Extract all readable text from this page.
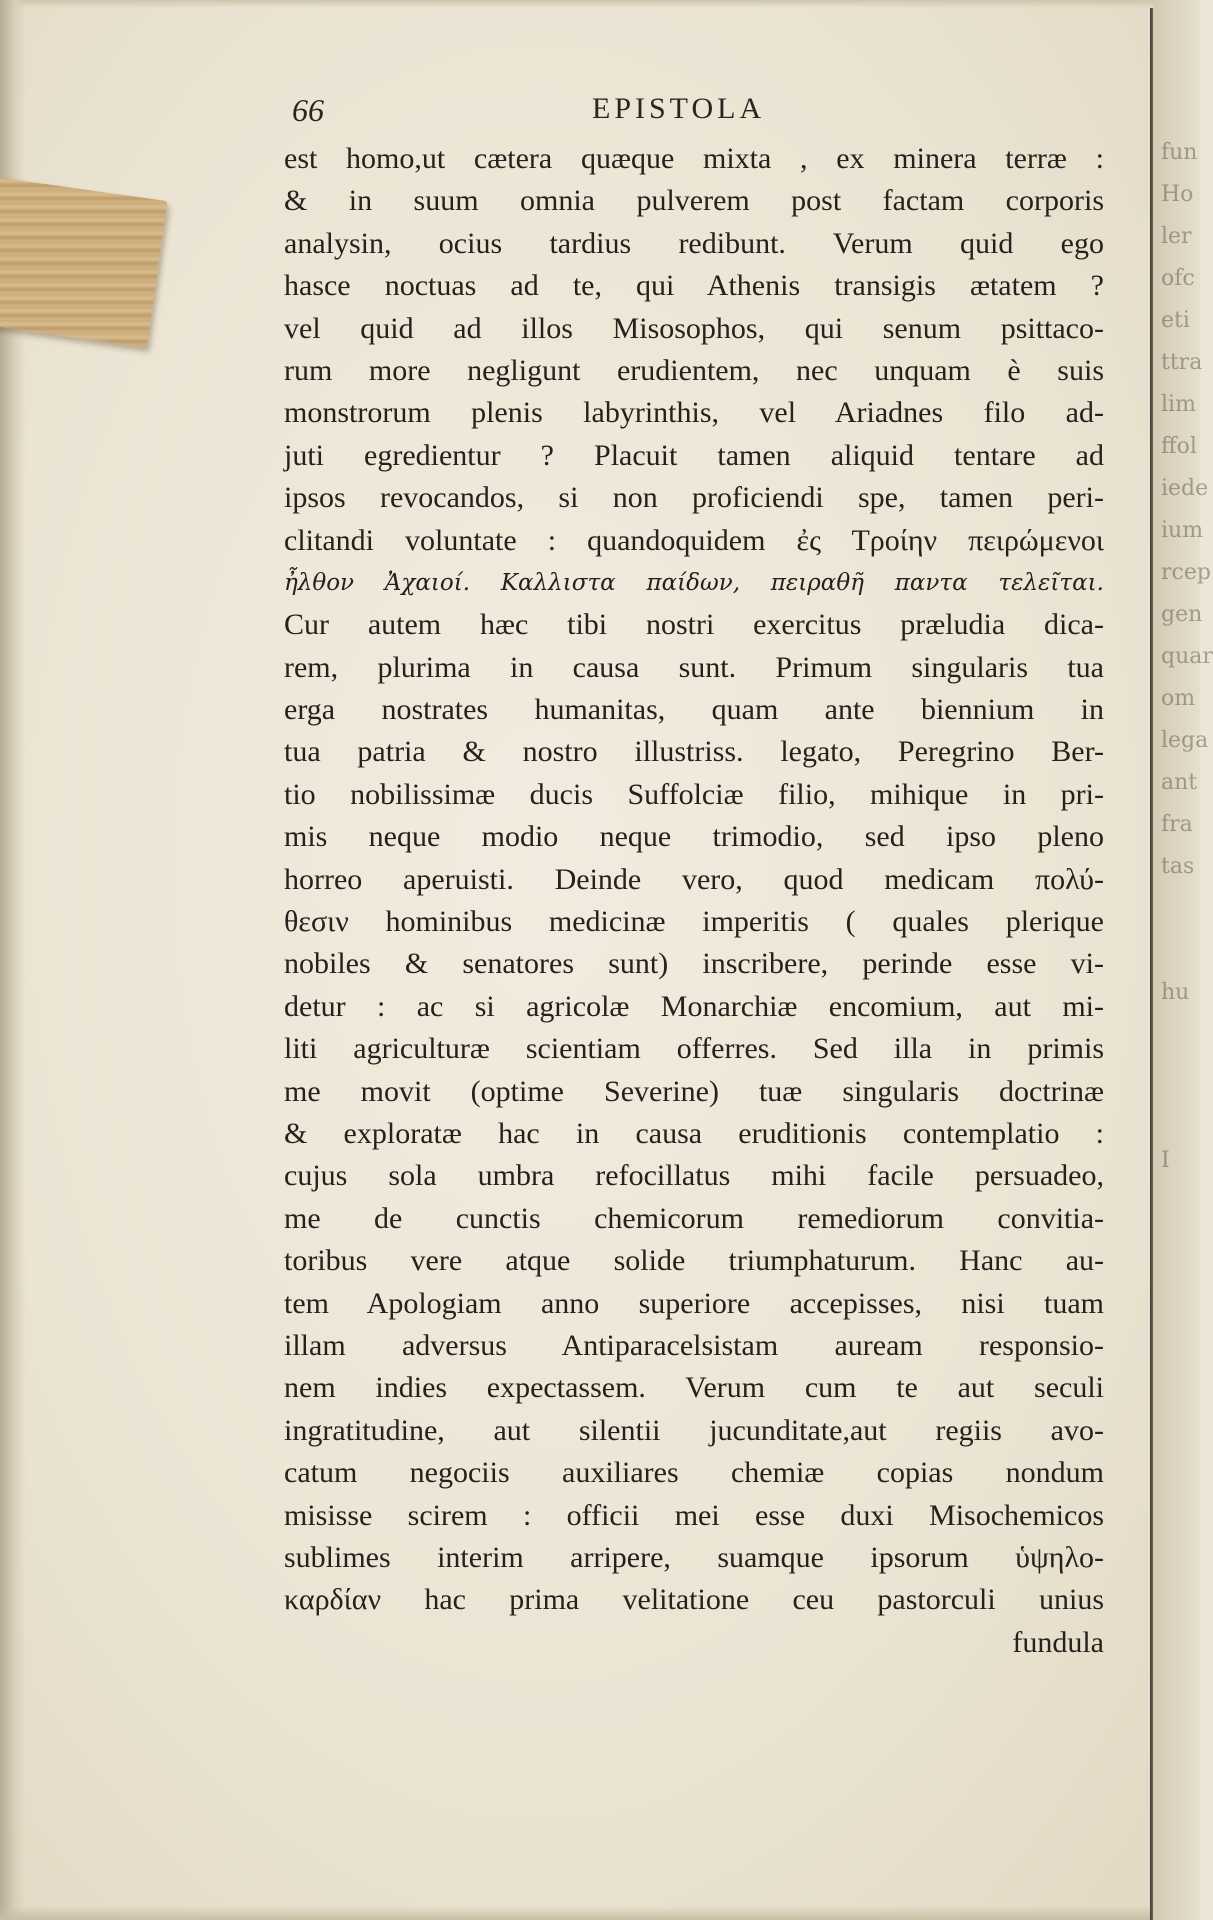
66	EPISTOLA
est homo,ut cætera quæque mixta , ex minera terræ :
& in suum omnia pulverem post factam corporis
analysin, ocius tardius redibunt. Verum quid ego
hasce noctuas ad te, qui Athenis transigis ætatem ?
vel quid ad illos Misosophos, qui senum psittaco-
rum more negligunt erudientem, nec unquam è suis
monstrorum plenis labyrinthis, vel Ariadnes filo ad-
juti egredientur ? Placuit tamen aliquid tentare ad
ipsos revocandos, si non proficiendi spe, tamen peri-
clitandi voluntate : quandoquidem ἐς Τροίην πειρώμενοι
ἦλθον Ἀχαιοί. Καλλιστα παίδων, πειραθῆ παντα τελεῖται.
Cur autem hæc tibi nostri exercitus præludia dica-
rem, plurima in causa sunt. Primum singularis tua
erga nostrates humanitas, quam ante biennium in
tua patria & nostro illustriss. legato, Peregrino Ber-
tio nobilissimæ ducis Suffolciæ filio, mihique in pri-
mis neque modio neque trimodio, sed ipso pleno
horreo aperuisti. Deinde vero, quod medicam πολύ-
θεσιν hominibus medicinæ imperitis ( quales plerique
nobiles & senatores sunt) inscribere, perinde esse vi-
detur : ac si agricolæ Monarchiæ encomium, aut mi-
liti agriculturæ scientiam offerres. Sed illa in primis
me movit (optime Severine) tuæ singularis doctrinæ
& exploratæ hac in causa eruditionis contemplatio :
cujus sola umbra refocillatus mihi facile persuadeo,
me de cunctis chemicorum remediorum convitia-
toribus vere atque solide triumphaturum. Hanc au-
tem Apologiam anno superiore accepisses, nisi tuam
illam adversus Antiparacelsistam auream responsio-
nem indies expectassem. Verum cum te aut seculi
ingratitudine, aut silentii jucunditate,aut regiis avo-
catum negociis auxiliares chemiæ copias nondum
misisse scirem : officii mei esse duxi Misochemicos
sublimes interim arripere, suamque ipsorum ὑψηλο-
καρδίαν hac prima velitatione ceu pastorculi unius
fundula
fun
Ho
ler
ofc
eti
ttra
lim
ffol
iede
ium
rcep
gen
quar
om
lega
ant
fra
tas
hu
I
